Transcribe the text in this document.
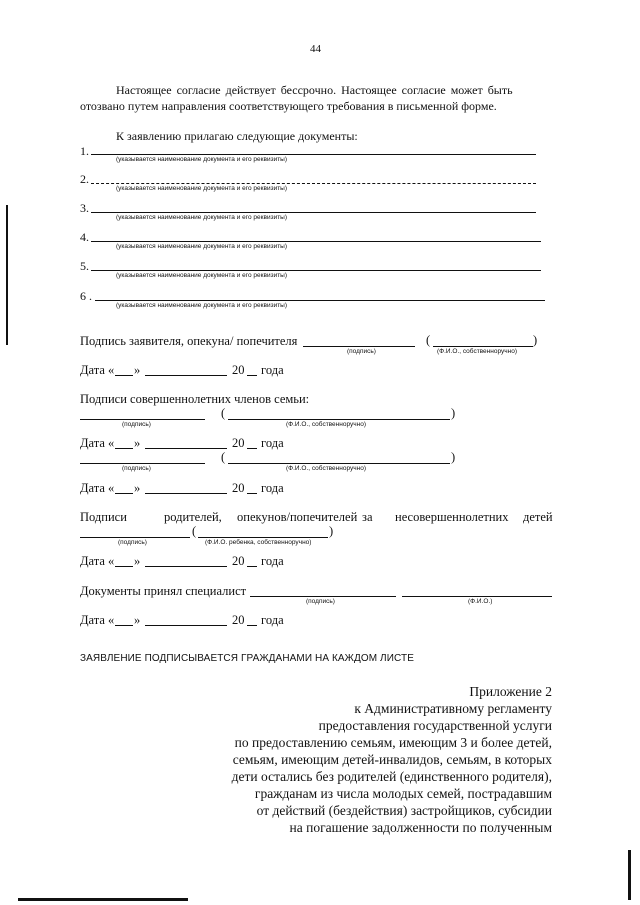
44
Настоящее согласие действует бессрочно. Настоящее согласие может быть
отозвано путем направления соответствующего требования в письменной форме.
К заявлению прилагаю следующие документы:
1.
(указывается наименование документа и его реквизиты)
2.
(указывается наименование документа и его реквизиты)
3.
(указывается наименование документа и его реквизиты)
4.
(указывается наименование документа и его реквизиты)
5.
(указывается наименование документа и его реквизиты)
6 .
(указывается наименование документа и его реквизиты)
Подпись заявителя, опекуна/ попечителя
(подпись)
(	)
(Ф.И.О., собственноручно)
Дата « »	20 года
Подписи совершеннолетних членов семьи:
(подпись)
(	)
(Ф.И.О., собственноручно)
Дата « »	20 года
(подпись)
(	)
(Ф.И.О., собственноручно)
Дата « »	20 года
Подписи	родителей, опекунов/попечителей за несовершеннолетних детей
(подпись)
(	)
(Ф.И.О. ребенка, собственноручно)
Дата « »	20 года
Документы принял специалист
(подпись)	(Ф.И.О.)
Дата « »	20 года
ЗАЯВЛЕНИЕ ПОДПИСЫВАЕТСЯ ГРАЖДАНАМИ НА КАЖДОМ ЛИСТЕ
Приложение 2
к Административному регламенту
предоставления государственной услуги
по предоставлению семьям, имеющим 3 и более детей,
семьям, имеющим детей-инвалидов, семьям, в которых
дети остались без родителей (единственного родителя),
гражданам из числа молодых семей, пострадавшим
от действий (бездействия) застройщиков, субсидии
на погашение задолженности по полученным
